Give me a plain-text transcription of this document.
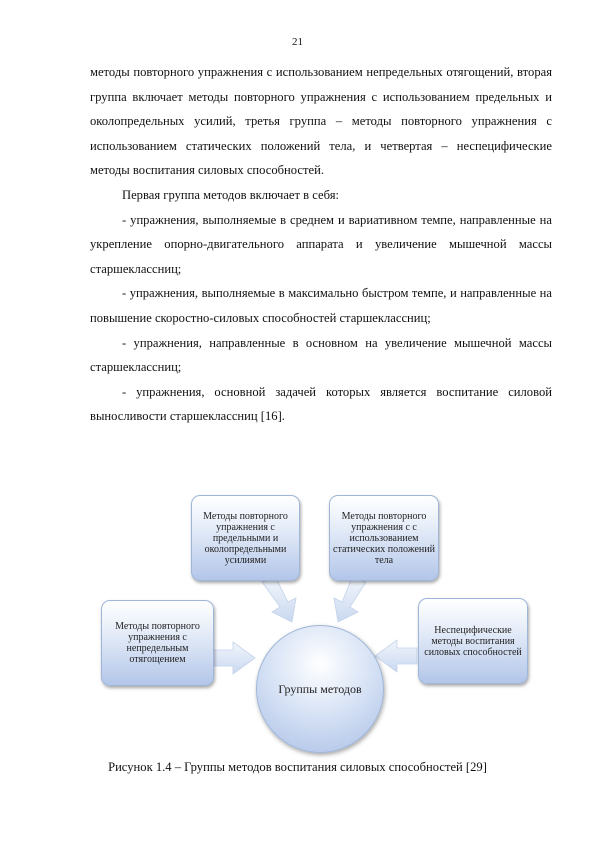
21

методы повторного упражнения с использованием непредельных отягощений, вторая группа включает методы повторного упражнения с использованием предельных и околопредельных усилий, третья группа – методы повторного упражнения с использованием статических положений тела, и четвертая – неспецифические методы воспитания силовых способностей.

Первая группа методов включает в себя:

- упражнения, выполняемые в среднем и вариативном темпе, направленные на укрепление опорно-двигательного аппарата и увеличение мышечной массы старшеклассниц;

- упражнения, выполняемые в максимально быстром темпе, и направленные на повышение скоростно-силовых способностей старшеклассниц;

- упражнения, направленные в основном на увеличение мышечной массы старшеклассниц;

- упражнения, основной задачей которых является воспитание силовой выносливости старшеклассниц [16].

Методы повторного упражнения с предельными и околопредельными усилиями
Методы повторного упражнения с с использованием статических положений тела
Методы повторного упражнения с непредельным отягощением
Неспецифические методы воспитания силовых способностей
Группы методов
Рисунок 1.4 – Группы методов воспитания силовых способностей [29]
